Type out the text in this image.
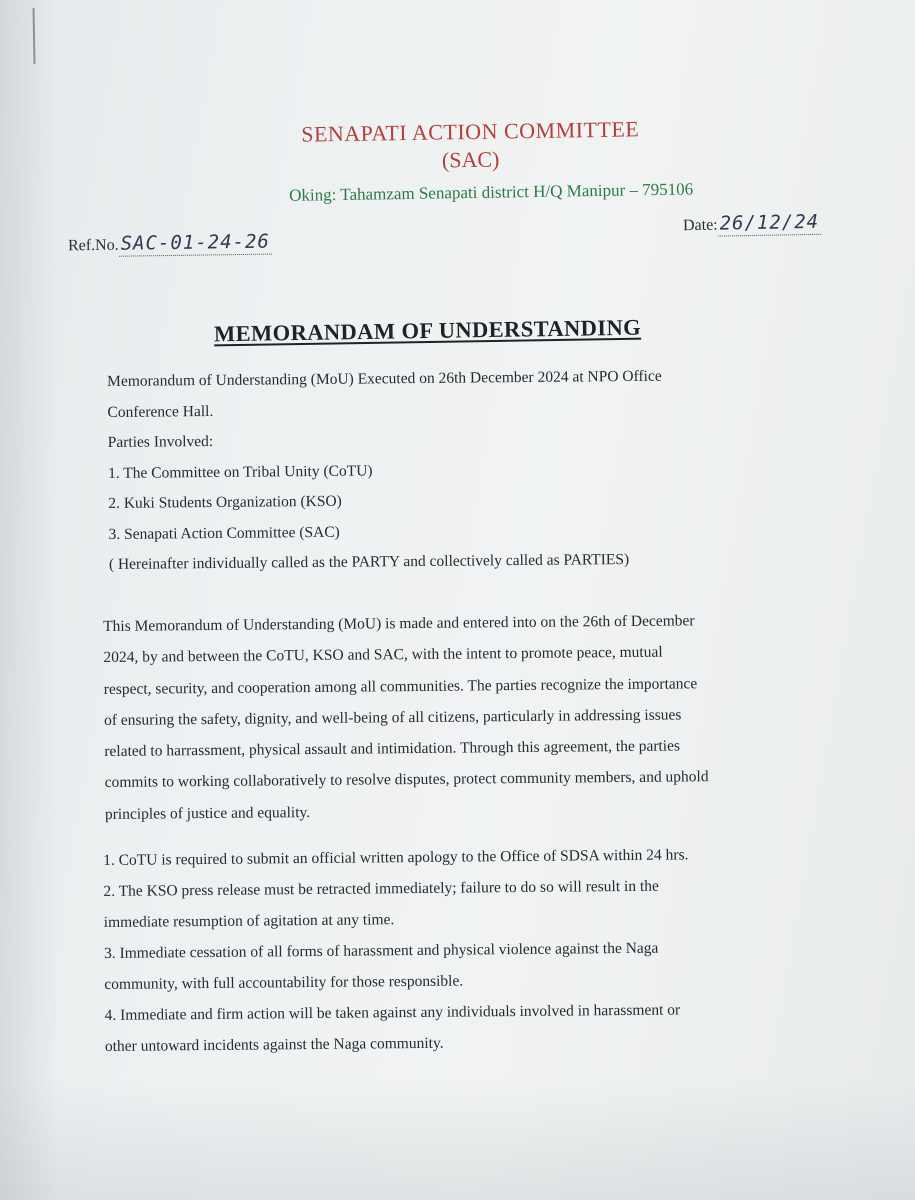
SENAPATI ACTION COMMITTEE
(SAC)
Oking: Tahamzam Senapati district H/Q Manipur – 795106
Ref.No.SAC-01-24-26
Date:26/12/24
MEMORANDAM OF UNDERSTANDING
Memorandum of Understanding (MoU) Executed on 26th December 2024 at NPO Office
Conference Hall.
Parties Involved:
1. The Committee on Tribal Unity (CoTU)
2. Kuki Students Organization (KSO)
3. Senapati Action Committee (SAC)
( Hereinafter individually called as the PARTY and collectively called as PARTIES)
This Memorandum of Understanding (MoU) is made and entered into on the 26th of December
2024, by and between the CoTU, KSO and SAC, with the intent to promote peace, mutual
respect, security, and cooperation among all communities. The parties recognize the importance
of ensuring the safety, dignity, and well-being of all citizens, particularly in addressing issues
related to harrassment, physical assault and intimidation. Through this agreement, the parties
commits to working collaboratively to resolve disputes, protect community members, and uphold
principles of justice and equality.
1. CoTU is required to submit an official written apology to the Office of SDSA within 24 hrs.
2. The KSO press release must be retracted immediately; failure to do so will result in the
immediate resumption of agitation at any time.
3. Immediate cessation of all forms of harassment and physical violence against the Naga
community, with full accountability for those responsible.
4. Immediate and firm action will be taken against any individuals involved in harassment or
other untoward incidents against the Naga community.
